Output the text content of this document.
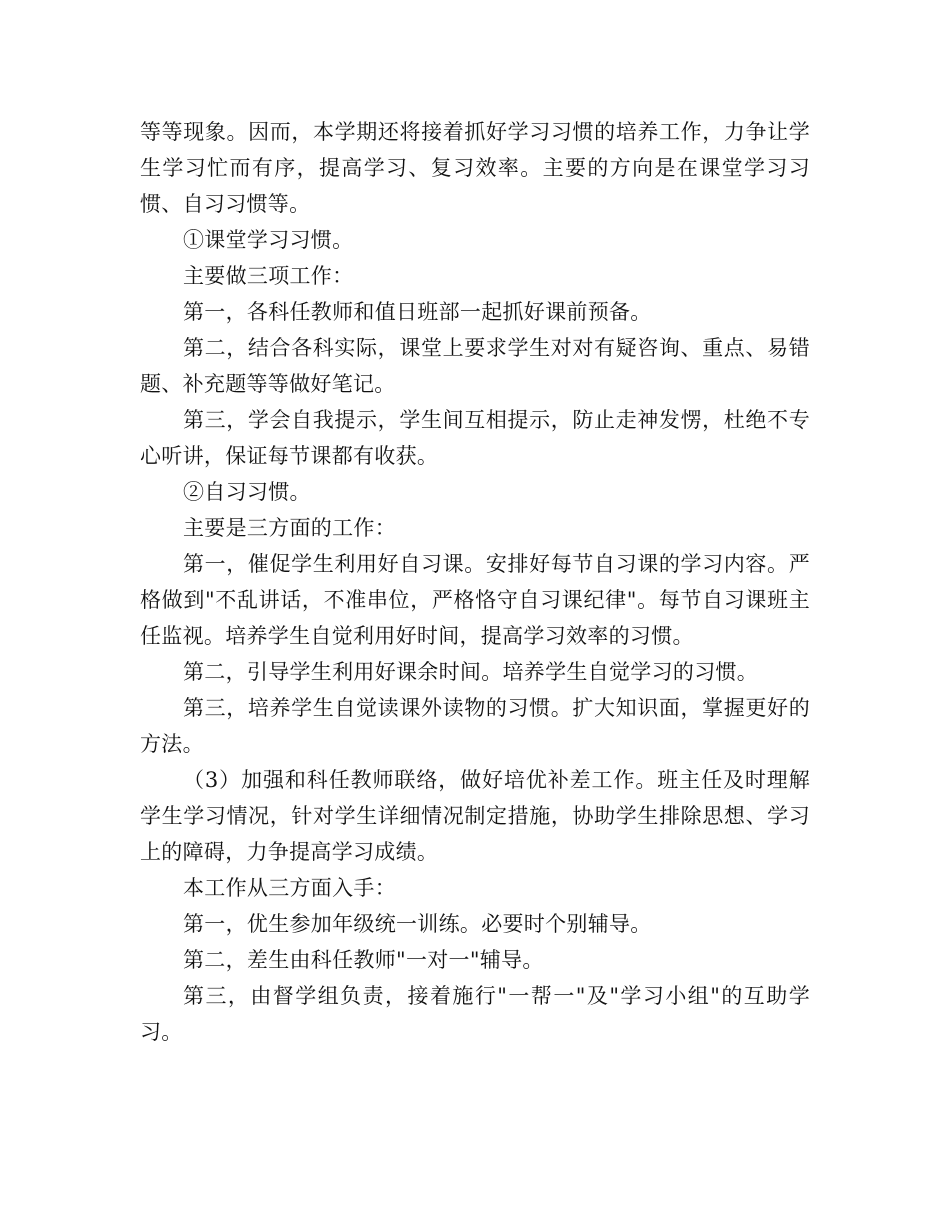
等等现象。因而，本学期还将接着抓好学习习惯的培养工作，力争让学生学习忙而有序，提高学习、复习效率。主要的方向是在课堂学习习惯、自习习惯等。

①课堂学习习惯。

主要做三项工作：

第一，各科任教师和值日班部一起抓好课前预备。

第二，结合各科实际，课堂上要求学生对对有疑咨询、重点、易错题、补充题等等做好笔记。

第三，学会自我提示，学生间互相提示，防止走神发愣，杜绝不专心听讲，保证每节课都有收获。

②自习习惯。

主要是三方面的工作：

第一，催促学生利用好自习课。安排好每节自习课的学习内容。严格做到"不乱讲话，不准串位，严格恪守自习课纪律"。每节自习课班主任监视。培养学生自觉利用好时间，提高学习效率的习惯。

第二，引导学生利用好课余时间。培养学生自觉学习的习惯。

第三，培养学生自觉读课外读物的习惯。扩大知识面，掌握更好的方法。

（3）加强和科任教师联络，做好培优补差工作。班主任及时理解学生学习情况，针对学生详细情况制定措施，协助学生排除思想、学习上的障碍，力争提高学习成绩。

本工作从三方面入手：

第一，优生参加年级统一训练。必要时个别辅导。

第二，差生由科任教师"一对一"辅导。

第三，由督学组负责，接着施行"一帮一"及"学习小组"的互助学习。
